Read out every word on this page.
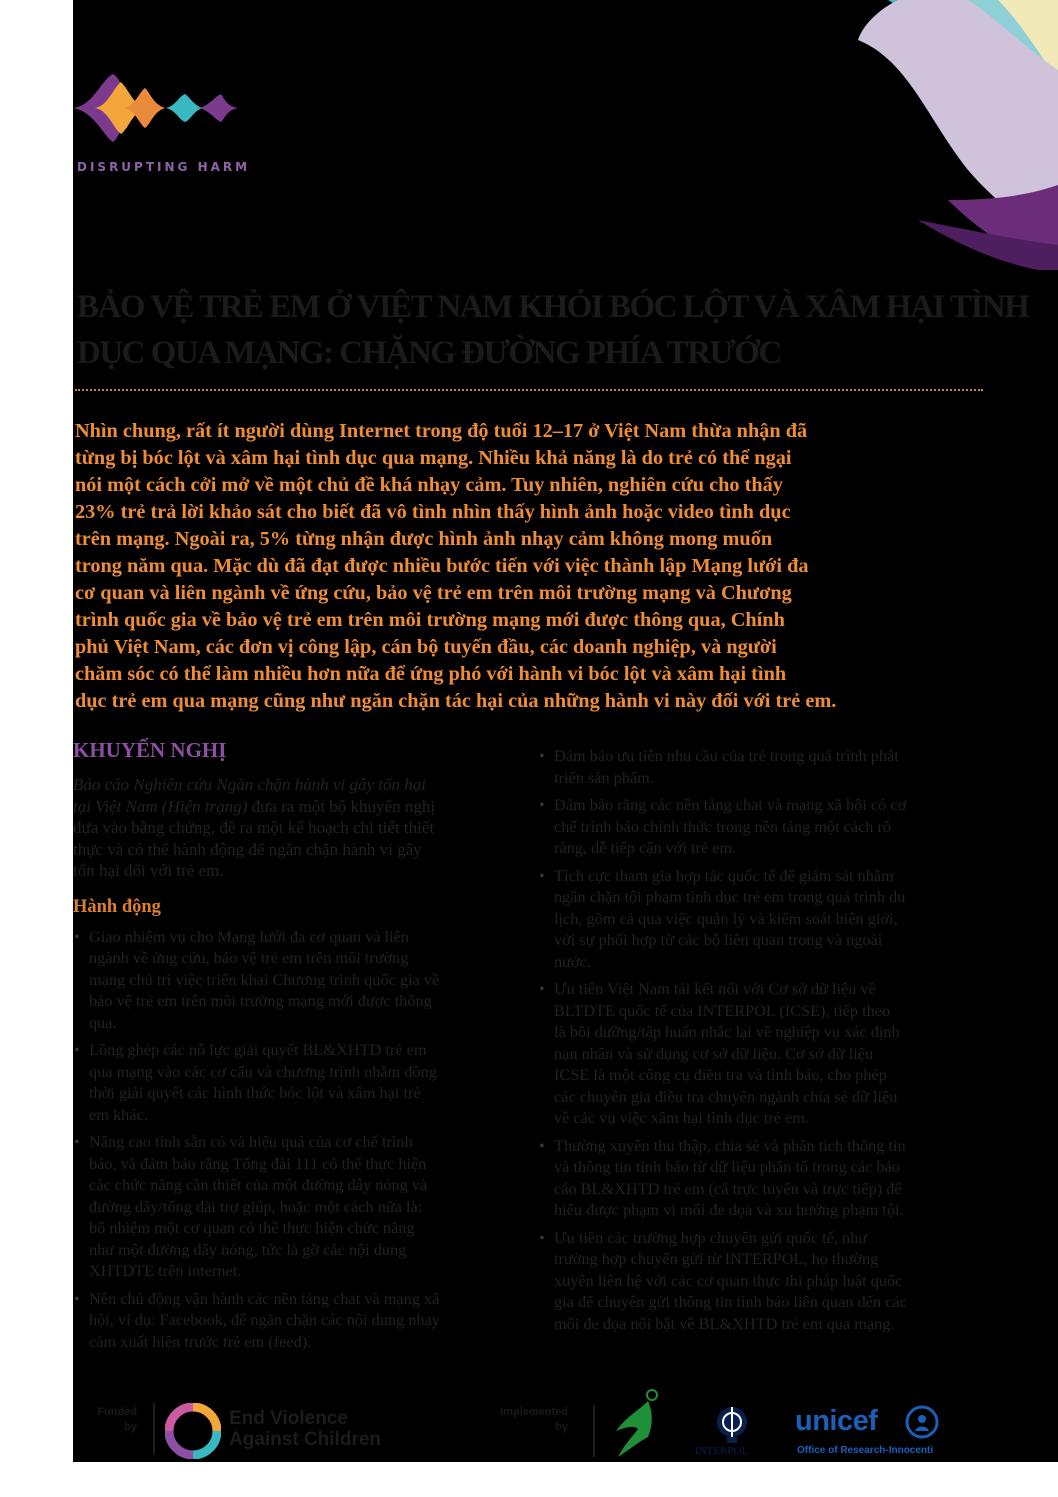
DISRUPTING HARM
BẢO VỆ TRẺ EM Ở VIỆT NAM KHỎI BÓC LỘT VÀ XÂM HẠI TÌNH
DỤC QUA MẠNG: CHẶNG ĐƯỜNG PHÍA TRƯỚC

Nhìn chung, rất ít người dùng Internet trong độ tuổi 12–17 ở Việt Nam thừa nhận đã
từng bị bóc lột và xâm hại tình dục qua mạng. Nhiều khả năng là do trẻ có thể ngại
nói một cách cởi mở về một chủ đề khá nhạy cảm. Tuy nhiên, nghiên cứu cho thấy
23% trẻ trả lời khảo sát cho biết đã vô tình nhìn thấy hình ảnh hoặc video tình dục
trên mạng. Ngoài ra, 5% từng nhận được hình ảnh nhạy cảm không mong muốn
trong năm qua. Mặc dù đã đạt được nhiều bước tiến với việc thành lập Mạng lưới đa
cơ quan và liên ngành về ứng cứu, bảo vệ trẻ em trên môi trường mạng và Chương
trình quốc gia về bảo vệ trẻ em trên môi trường mạng mới được thông qua, Chính
phủ Việt Nam, các đơn vị công lập, cán bộ tuyến đầu, các doanh nghiệp, và người
chăm sóc có thể làm nhiều hơn nữa để ứng phó với hành vi bóc lột và xâm hại tình
dục trẻ em qua mạng cũng như ngăn chặn tác hại của những hành vi này đối với trẻ em.

KHUYẾN NGHỊ

Báo cáo Nghiên cứu Ngăn chặn hành vi gây tổn hại
tại Việt Nam (Hiện trạng) đưa ra một bộ khuyến nghị
dựa vào bằng chứng, đề ra một kế hoạch chi tiết thiết
thực và có thể hành động để ngăn chặn hành vi gây
tổn hại đối với trẻ em.

Hành động
• Giao nhiệm vụ cho Mạng lưới đa cơ quan và liên
ngành về ứng cứu, bảo vệ trẻ em trên môi trường
mạng chủ trì việc triển khai Chương trình quốc gia về
bảo vệ trẻ em trên môi trường mạng mới được thông
qua.
• Lồng ghép các nỗ lực giải quyết BL&XHTD trẻ em
qua mạng vào các cơ cấu và chương trình nhằm đồng
thời giải quyết các hình thức bóc lột và xâm hại trẻ
em khác.
• Nâng cao tính sẵn có và hiệu quả của cơ chế trình
báo, và đảm bảo rằng Tổng đài 111 có thể thực hiện
các chức năng cần thiết của một đường dây nóng và
đường dây/tổng đài trợ giúp, hoặc một cách nữa là:
bổ nhiệm một cơ quan có thể thực hiện chức năng
như một đường dây nóng, tức là gỡ các nội dung
XHTDTE trên internet.
• Nên chủ động vận hành các nền tảng chat và mạng xã
hội, ví dụ: Facebook, để ngăn chặn các nội dung nhạy
cảm xuất hiện trước trẻ em (feed).
• Đảm bảo ưu tiên nhu cầu của trẻ trong quá trình phát
triển sản phẩm.
• Đảm bảo rằng các nền tảng chat và mạng xã hội có cơ
chế trình báo chính thức trong nền tảng một cách rõ
ràng, dễ tiếp cận với trẻ em.
• Tích cực tham gia hợp tác quốc tế để giám sát nhằm
ngăn chặn tội phạm tình dục trẻ em trong quá trình du
lịch, gồm cả qua việc quản lý và kiểm soát biên giới,
với sự phối hợp từ các bộ liên quan trong và ngoài
nước.
• Ưu tiên Việt Nam tái kết nối với Cơ sở dữ liệu về
BLTDTE quốc tế của INTERPOL (ICSE), tiếp theo
là bồi dưỡng/tập huấn nhắc lại về nghiệp vụ xác định
nạn nhân và sử dụng cơ sở dữ liệu. Cơ sở dữ liệu
ICSE là một công cụ điều tra và tình báo, cho phép
các chuyên gia điều tra chuyên ngành chia sẻ dữ liệu
về các vụ việc xâm hại tình dục trẻ em.
• Thường xuyên thu thập, chia sẻ và phân tích thông tin
và thông tin tình báo từ dữ liệu phân tổ trong các báo
cáo BL&XHTD trẻ em (cả trực tuyến và trực tiếp) để
hiểu được phạm vi mối đe dọa và xu hướng phạm tội.
• Ưu tiên các trường hợp chuyển gửi quốc tế, như
trường hợp chuyển gửi từ INTERPOL, họ thường
xuyên liên hệ với các cơ quan thực thi pháp luật quốc
gia để chuyển gửi thông tin tình báo liên quan đến các
mối đe dọa nổi bật về BL&XHTD trẻ em qua mạng.
Funded
by	End Violence
Against Children
Implemented
by
INTERPOL
unicef
Office of Research-Innocenti
